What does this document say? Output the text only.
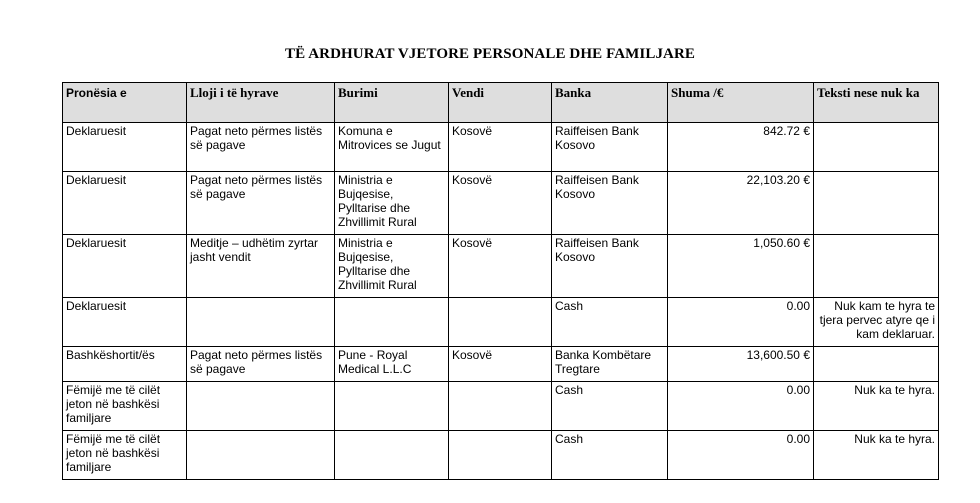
TË ARDHURAT VJETORE PERSONALE DHE FAMILJARE
Pronësia e	Lloji i të hyrave	Burimi	Vendi	Banka	Shuma /€	Teksti nese nuk ka
Deklaruesit	Pagat neto përmes listës së pagave	Komuna e Mitrovices se Jugut	Kosovë	Raiffeisen Bank Kosovo	842.72 €	
Deklaruesit	Pagat neto përmes listës së pagave	Ministria e Bujqesise, Pylltarise dhe Zhvillimit Rural	Kosovë	Raiffeisen Bank Kosovo	22,103.20 €	
Deklaruesit	Meditje – udhëtim zyrtar jasht vendit	Ministria e Bujqesise, Pylltarise dhe Zhvillimit Rural	Kosovë	Raiffeisen Bank Kosovo	1,050.60 €	
Deklaruesit				Cash	0.00	Nuk kam te hyra te tjera pervec atyre qe i kam deklaruar.
Bashkëshortit/ës	Pagat neto përmes listës së pagave	Pune - Royal Medical L.L.C	Kosovë	Banka Kombëtare Tregtare	13,600.50 €	
Fëmijë me të cilët jeton në bashkësi familjare				Cash	0.00	Nuk ka te hyra.
Fëmijë me të cilët jeton në bashkësi familjare				Cash	0.00	Nuk ka te hyra.
